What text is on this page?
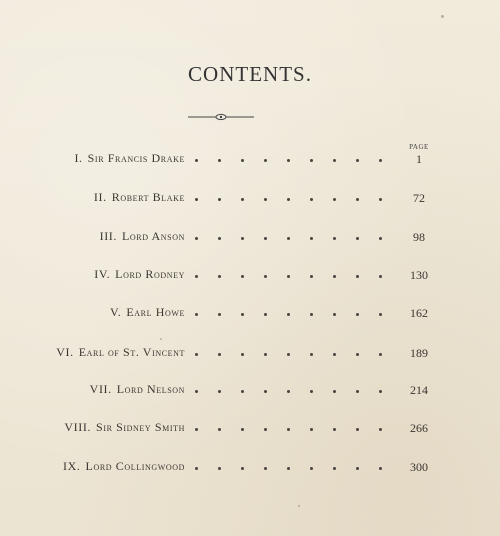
CONTENTS.
PAGE
I. Sir Francis Drake	1
II. Robert Blake	72
III. Lord Anson	98
IV. Lord Rodney	130
V. Earl Howe	162
VI. Earl of St. Vincent	189
VII. Lord Nelson	214
VIII. Sir Sidney Smith	266
IX. Lord Collingwood	300
